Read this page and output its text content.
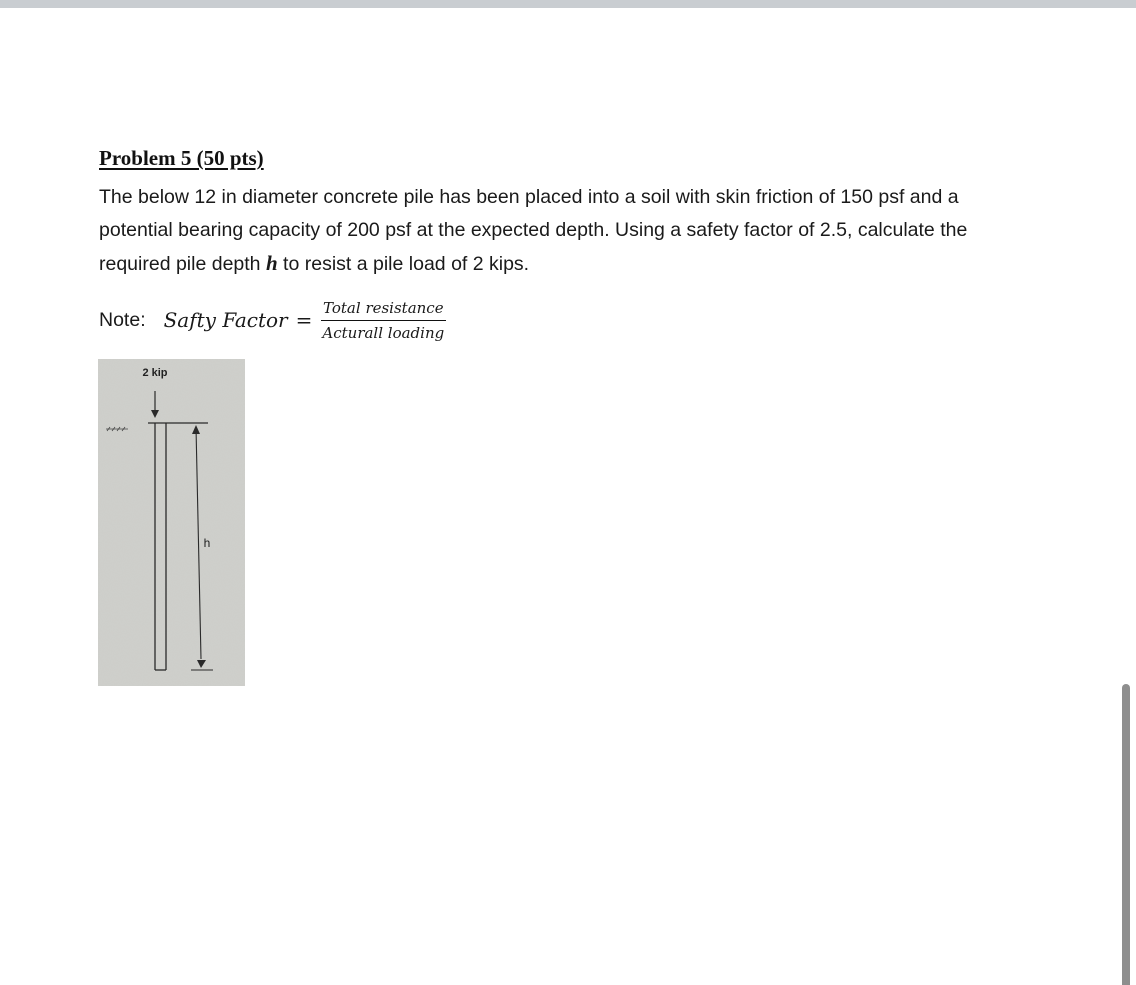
Problem 5 (50 pts)

The below 12 in diameter concrete pile has been placed into a soil with skin friction of 150 psf and a potential bearing capacity of 200 psf at the expected depth. Using a safety factor of 2.5, calculate the required pile depth h to resist a pile load of 2 kips.

Note: Safty Factor = $\frac{\text{Total resistance}}{\text{Acturall loading}}$
2 kip
h
